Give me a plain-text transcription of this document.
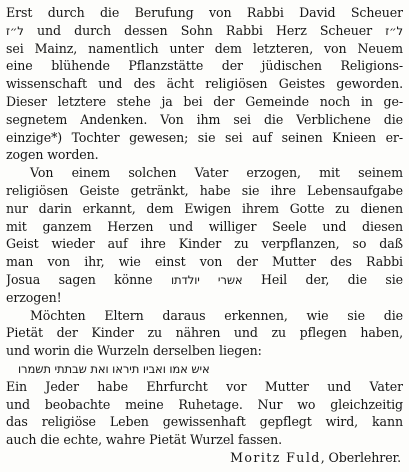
Erst durch die Berufung von Rabbi David Scheuer
ל״ז und durch dessen Sohn Rabbi Herz Scheuer ל״ז
sei Mainz, namentlich unter dem letzteren, von Neuem
eine blühende Pflanzstätte der jüdischen Religions-
wissenschaft und des ächt religiösen Geistes geworden.
Dieser letztere stehe ja bei der Gemeinde noch in ge-
segnetem Andenken. Von ihm sei die Verblichene die
einzige*) Tochter gewesen; sie sei auf seinen Knieen er-
zogen worden.
Von einem solchen Vater erzogen, mit seinem
religiösen Geiste getränkt, habe sie ihre Lebensaufgabe
nur darin erkannt, dem Ewigen ihrem Gotte zu dienen
mit ganzem Herzen und williger Seele und diesen
Geist wieder auf ihre Kinder zu verpflanzen, so daß
man von ihr, wie einst von der Mutter des Rabbi
Josua sagen könne אשרי יולדתו Heil der, die sie
erzogen!
Möchten Eltern daraus erkennen, wie sie die
Pietät der Kinder zu nähren und zu pflegen haben,
und worin die Wurzeln derselben liegen:
איש אמו ואביו תיראו ואת שבתתי תשמרו
Ein Jeder habe Ehrfurcht vor Mutter und Vater
und beobachte meine Ruhetage. Nur wo gleichzeitig
das religiöse Leben gewissenhaft gepflegt wird, kann
auch die echte, wahre Pietät Wurzel fassen.
Moritz Fuld, Oberlehrer.
